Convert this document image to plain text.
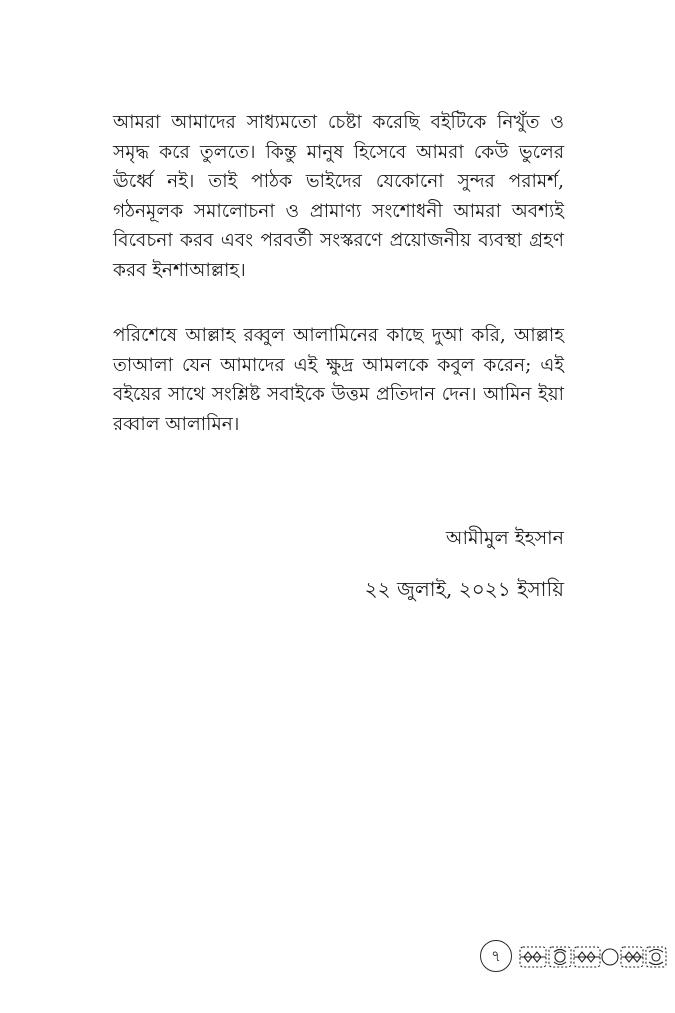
আমরা আমাদের সাধ্যমতো চেষ্টা করেছি বইটিকে নিখুঁত ও সমৃদ্ধ করে তুলতে। কিন্তু মানুষ হিসেবে আমরা কেউ ভুলের ঊর্ধ্বে নই। তাই পাঠক ভাইদের যেকোনো সুন্দর পরামর্শ, গঠনমূলক সমালোচনা ও প্রামাণ্য সংশোধনী আমরা অবশ্যই বিবেচনা করব এবং পরবর্তী সংস্করণে প্রয়োজনীয় ব্যবস্থা গ্রহণ করব ইনশাআল্লাহ।

পরিশেষে আল্লাহ রব্বুল আলামিনের কাছে দুআ করি, আল্লাহ তাআলা যেন আমাদের এই ক্ষুদ্র আমলকে কবুল করেন; এই বইয়ের সাথে সংশ্লিষ্ট সবাইকে উত্তম প্রতিদান দেন। আমিন ইয়া রব্বাল আলামিন।

আমীমুল ইহসান

২২ জুলাই, ২০২১ ইসায়ি

৭
